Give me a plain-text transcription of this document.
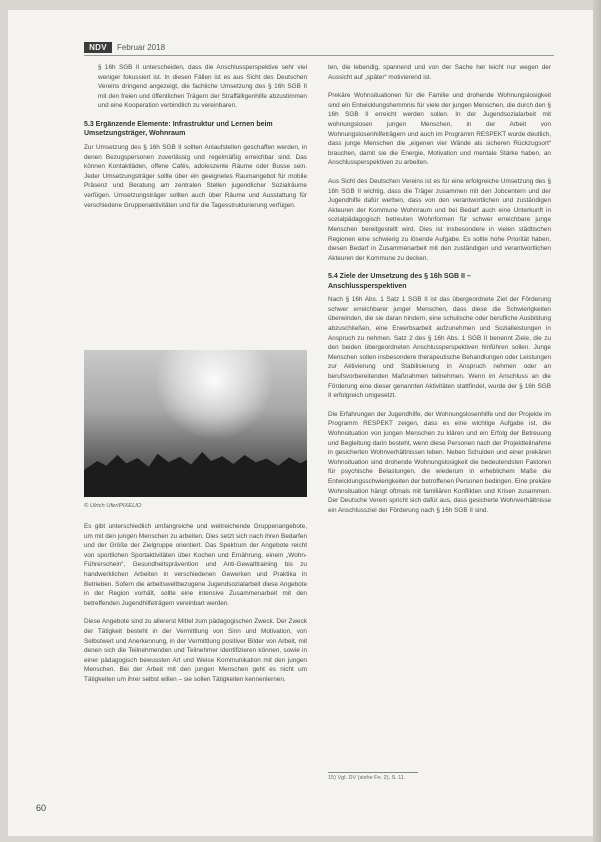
NDV	Februar 2018

§ 16h SGB II unterscheiden, dass die Anschlussperspektive sehr viel weniger fokussiert ist. In diesen Fällen ist es aus Sicht des Deutschen Vereins dringend angezeigt, die fachliche Umsetzung des § 16h SGB II mit den freien und öffentlichen Trägern der Straffälligenhilfe abzustimmen und eine Kooperation verbindlich zu vereinbaren.

5.3 Ergänzende Elemente: Infrastruktur und Lernen beim Umsetzungsträger, Wohnraum

Zur Umsetzung des § 16h SGB II sollten Anlaufstellen geschaffen werden, in denen Bezugspersonen zuverlässig und regelmäßig erreichbar sind. Das können Kontaktläden, offene Cafés, adoleszente Räume oder Busse sein. Jeder Umsetzungsträger sollte über ein geeignetes Raumangebot für mobile Präsenz und Beratung am zentralen Stellen jugendlicher Sozialräume verfügen. Umsetzungsträger sollten auch über Räume und Ausstattung für verschiedene Gruppenaktivitäten und für die Tagesstrukturierung verfügen.

© Ulrich Ufer/PIXELIO

Es gibt unterschiedlich umfangreiche und weitreichende Gruppenangebote, um mit den jungen Menschen zu arbeiten. Dies setzt sich nach ihren Bedarfen und der Größe der Zielgruppe orientiert. Das Spektrum der Angebote reicht von sportlichen Sportaktivitäten über Kochen und Ernährung, einem „Wohn-Führerschein“, Gesundheitsprävention und Anti-Gewalttraining bis zu handwerklichen Arbeiten in verschiedenen Gewerken und Praktika in Betrieben. Sofern die arbeitsweltbezogene Jugendsozialarbeit diese Angebote in der Region vorhält, sollte eine intensive Zusammenarbeit mit den betreffenden Jugendhilfeträgern vereinbart werden.

Diese Angebote sind zu allererst Mittel zum pädagogischen Zweck. Der Zweck der Tätigkeit besteht in der Vermittlung von Sinn und Motivation, von Selbstwert und Anerkennung, in der Vermittlung positiver Bilder von Arbeit, mit denen sich die Teilnehmenden und Teilnehmer identifizieren können, sowie in einer pädagogisch bewussten Art und Weise Kommunikation mit den jungen Menschen. Bei der Arbeit mit den jungen Menschen geht es nicht um Tätigkeiten um ihrer selbst willen – sie sollen Tätigkeiten kennenlernen.

ten, die lebendig, spannend und von der Sache her leicht nur wegen der Aussicht auf „später“ motivierend ist.

Prekäre Wohnsituationen für die Familie und drohende Wohnungslosigkeit sind ein Entwicklungshemmnis für viele der jungen Menschen, die durch den § 16h SGB II erreicht werden sollen. In der Jugendsozialarbeit mit wohnungslosen jungen Menschen, in der Arbeit von Wohnungslosenhilfeträgern und auch im Programm RESPEKT wurde deutlich, dass junge Menschen die „eigenen vier Wände als sicheren Rückzugsort“ brauchen, damit sie die Energie, Motivation und mentale Stärke haben, an Anschlussperspektiven zu arbeiten.

Aus Sicht des Deutschen Vereins ist es für eine erfolgreiche Umsetzung des § 16h SGB II wichtig, dass die Träger zusammen mit den Jobcentern und der Jugendhilfe dafür werben, dass von den verantwortlichen und zuständigen Akteuren der Kommune Wohnraum und bei Bedarf auch eine Unterkunft in sozialpädagogisch betreuten Wohnformen für schwer erreichbare junge Menschen bereitgestellt wird. Dies ist insbesondere in vielen städtischen Regionen eine schwierig zu lösende Aufgabe. Es sollte hohe Priorität haben, diesen Bedarf in Zusammenarbeit mit den zuständigen und verantwortlichen Akteuren der Kommune zu decken.

5.4 Ziele der Umsetzung des § 16h SGB II – Anschlussperspektiven

Nach § 16h Abs. 1 Satz 1 SGB II ist das übergeordnete Ziel der Förderung schwer erreichbarer junger Menschen, dass diese die Schwierigkeiten überwinden, die sie daran hindern, eine schulische oder berufliche Ausbildung abzuschließen, eine Erwerbsarbeit aufzunehmen und Sozialleistungen in Anspruch zu nehmen. Satz 2 des § 16h Abs. 1 SGB II benennt Ziele, die zu den beiden übergeordneten Anschlussperspektiven hinführen sollen. Junge Menschen sollen insbesondere therapeutische Behandlungen oder Leistungen zur Aktivierung und Stabilisierung in Anspruch nehmen oder an berufsvorbereitenden Maßnahmen teilnehmen. Wenn im Anschluss an die Förderung eine dieser genannten Aktivitäten stattfindet, wurde der § 16h SGB II erfolgreich umgesetzt.

Die Erfahrungen der Jugendhilfe, der Wohnungslosenhilfe und der Projekte im Programm RESPEKT zeigen, dass es eine wichtige Aufgabe ist, die Wohnsituation von jungen Menschen zu klären und ein Erfolg der Betreuung und Begleitung darin besteht, wenn diese Personen nach der Projektteilnahme in gesicherten Wohnverhältnissen leben. Neben Schulden und einer prekären Wohnsituation sind drohende Wohnungslosigkeit die bedeutendsten Faktoren für psychische Belastungen, die wiederum in erheblichem Maße die Entwicklungsschwierigkeiten der betroffenen Personen bedingen. Eine prekäre Wohnsituation hängt oftmals mit familiären Konflikten und Krisen zusammen. Der Deutsche Verein spricht sich dafür aus, dass gesicherte Wohnverhältnisse ein Anschlussziel der Förderung nach § 16h SGB II sind.

15) Vgl. DV (siehe Fn. 2), S. 11.
60
